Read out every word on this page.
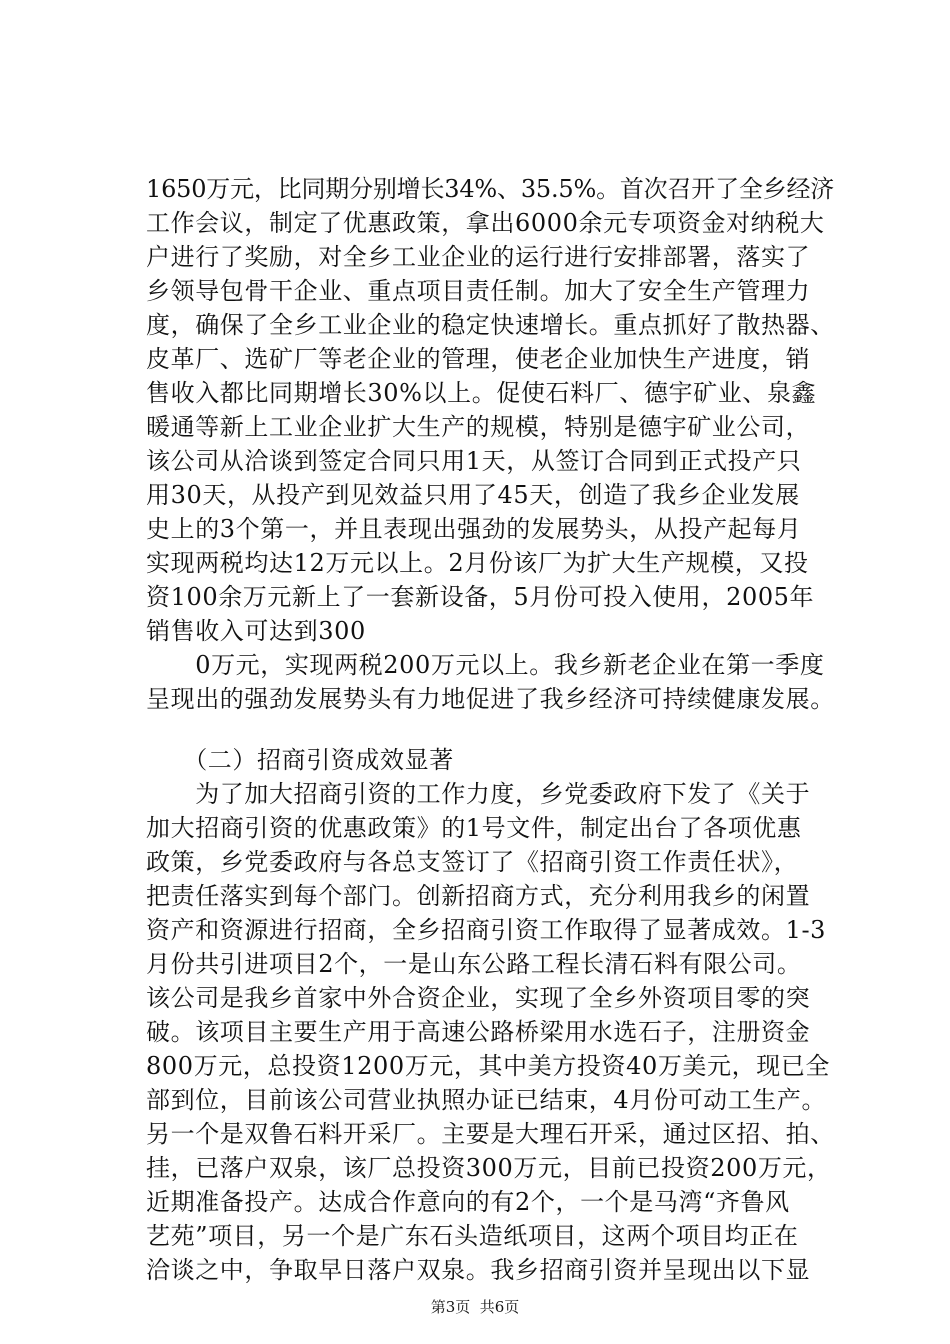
1650万元，比同期分别增长34%、35.5%。首次召开了全乡经济
工作会议，制定了优惠政策，拿出6000余元专项资金对纳税大
户进行了奖励，对全乡工业企业的运行进行安排部署，落实了
乡领导包骨干企业、重点项目责任制。加大了安全生产管理力
度，确保了全乡工业企业的稳定快速增长。重点抓好了散热器、
皮革厂、选矿厂等老企业的管理，使老企业加快生产进度，销
售收入都比同期增长30%以上。促使石料厂、德宇矿业、泉鑫
暖通等新上工业企业扩大生产的规模，特别是德宇矿业公司，
该公司从洽谈到签定合同只用1天，从签订合同到正式投产只
用30天，从投产到见效益只用了45天，创造了我乡企业发展
史上的3个第一，并且表现出强劲的发展势头，从投产起每月
实现两税均达12万元以上。2月份该厂为扩大生产规模，又投
资100余万元新上了一套新设备，5月份可投入使用，2005年
销售收入可达到300
　　0万元，实现两税200万元以上。我乡新老企业在第一季度
呈现出的强劲发展势头有力地促进了我乡经济可持续健康发展。
　　（二）招商引资成效显著
　　为了加大招商引资的工作力度，乡党委政府下发了《关于
加大招商引资的优惠政策》的1号文件，制定出台了各项优惠
政策，乡党委政府与各总支签订了《招商引资工作责任状》，
把责任落实到每个部门。创新招商方式，充分利用我乡的闲置
资产和资源进行招商，全乡招商引资工作取得了显著成效。1-3
月份共引进项目2个，一是山东公路工程长清石料有限公司。
该公司是我乡首家中外合资企业，实现了全乡外资项目零的突
破。该项目主要生产用于高速公路桥梁用水选石子，注册资金
800万元，总投资1200万元，其中美方投资40万美元，现已全
部到位，目前该公司营业执照办证已结束，4月份可动工生产。
另一个是双鲁石料开采厂。主要是大理石开采，通过区招、拍、
挂，已落户双泉，该厂总投资300万元，目前已投资200万元，
近期准备投产。达成合作意向的有2个，一个是马湾“齐鲁风
艺苑”项目，另一个是广东石头造纸项目，这两个项目均正在
洽谈之中，争取早日落户双泉。我乡招商引资并呈现出以下显
第3页  共6页
